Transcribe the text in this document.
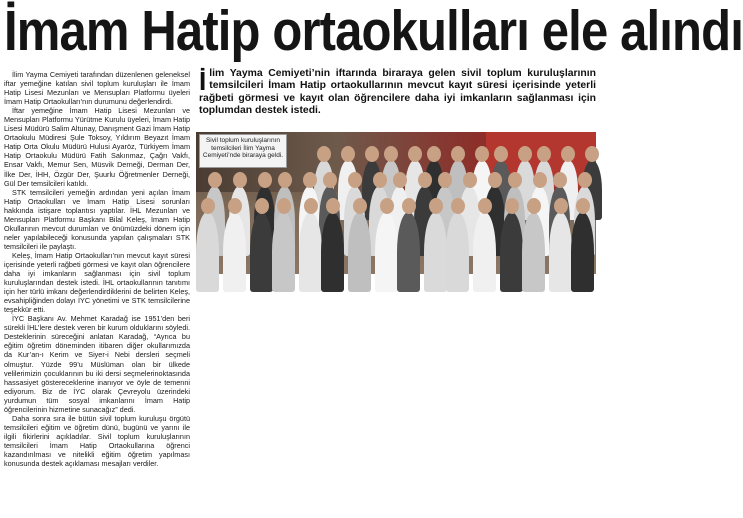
İmam Hatip ortaokulları ele alındı

İlim Yayma Cemiyeti tarafından düzenlenen geleneksel iftar yemeğine katılan sivil toplum kuruluşları ile İmam Hatip Lisesi Mezunları ve Mensupları Platformu üyeleri İmam Hatip Ortaokulları’nın durumunu değerlendirdi.

İftar yemeğine İmam Hatip Lisesi Mezunları ve Mensupları Platformu Yürütme Kurulu üyeleri, İmam Hatip Lisesi Müdürü Salim Altunay, Danışment Gazi İmam Hatip Ortaokulu Müdiresi Şule Toksoy, Yıldırım Beyazıt İmam Hatip Orta Okulu Müdürü Hulusi Ayaröz, Türkiyem İmam Hatip Ortaokulu Müdürü Fatih Sakınmaz, Çağrı Vakfı, Ensar Vakfı, Memur Sen, Müsvik Derneği, Derman Der, İlke Der, İHH, Özgür Der, Şuurlu Öğretmenler Derneği, Gül Der temsilcileri katıldı.

STK temsilcileri yemeğin ardından yeni açılan İmam Hatip Ortaokulları ve İmam Hatip Lisesi sorunları hakkında istişare toplantısı yaptılar. İHL Mezunları ve Mensupları Platformu Başkanı Bilal Keleş, İmam Hatip Okullarının mevcut durumları ve önümüzdeki dönem için neler yapılabileceği konusunda yapılan çalışmaları STK temsilcileri ile paylaştı.

Keleş, İmam Hatip Ortaokulları’nın mevcut kayıt süresi içerisinde yeterli rağbeti görmesi ve kayıt olan öğrencilere daha iyi imkanların sağlanması için sivil toplum kuruluşlarından destek istedi. İHL ortaokullarının tanıtımı için her türlü imkanı değerlendirdiklerini de belirten Keleş, evsahipliğinden dolayı İYC yönetimi ve STK temsilcilerine teşekkür etti.

İYC Başkanı Av. Mehmet Karadağ ise 1951’den beri sürekli İHL’lere destek veren bir kurum olduklarını söyledi. Desteklerinin süreceğini anlatan Karadağ, “Ayrıca bu eğitim öğretim döneminden itibaren diğer okullarımızda da Kur’an-ı Kerim ve Siyer-i Nebi dersleri seçmeli olmuştur. Yüzde 99’u Müslüman olan bir ülkede velilerimizin çocuklarının bu iki dersi seçmelerinoktasında hassasiyet göstereceklerine inanıyor ve öyle de temenni ediyorum. Biz de İYC olarak Çevreyolu üzerindeki yurdumun tüm sosyal imkanlarını İmam Hatip öğrencilerinin hizmetine sunacağız” dedi.

Daha sonra sıra ile bütün sivil toplum kuruluşu örgütü temsilcileri eğitim ve öğretim dünü, bugünü ve yarını ile ilgili fikirlerini açıkladılar. Sivil toplum kuruluşlarının temsilcileri İmam Hatip Ortaokullarına öğrenci kazandırılması ve nitelikli eğitim öğretim yapılması konusunda destek açıklaması mesajları verdiler.

İlim Yayma Cemiyeti’nin iftarında biraraya gelen sivil toplum kuruluşlarının temsilcileri İmam Hatip ortaokullarının mevcut kayıt süresi içerisinde yeterli rağbeti görmesi ve kayıt olan öğrencilere daha iyi imkanların sağlanması için toplumdan destek istedi.
Sivil toplum kuruluşlarının temsilcileri İlim Yayma Cemiyeti’nde biraraya geldi.
